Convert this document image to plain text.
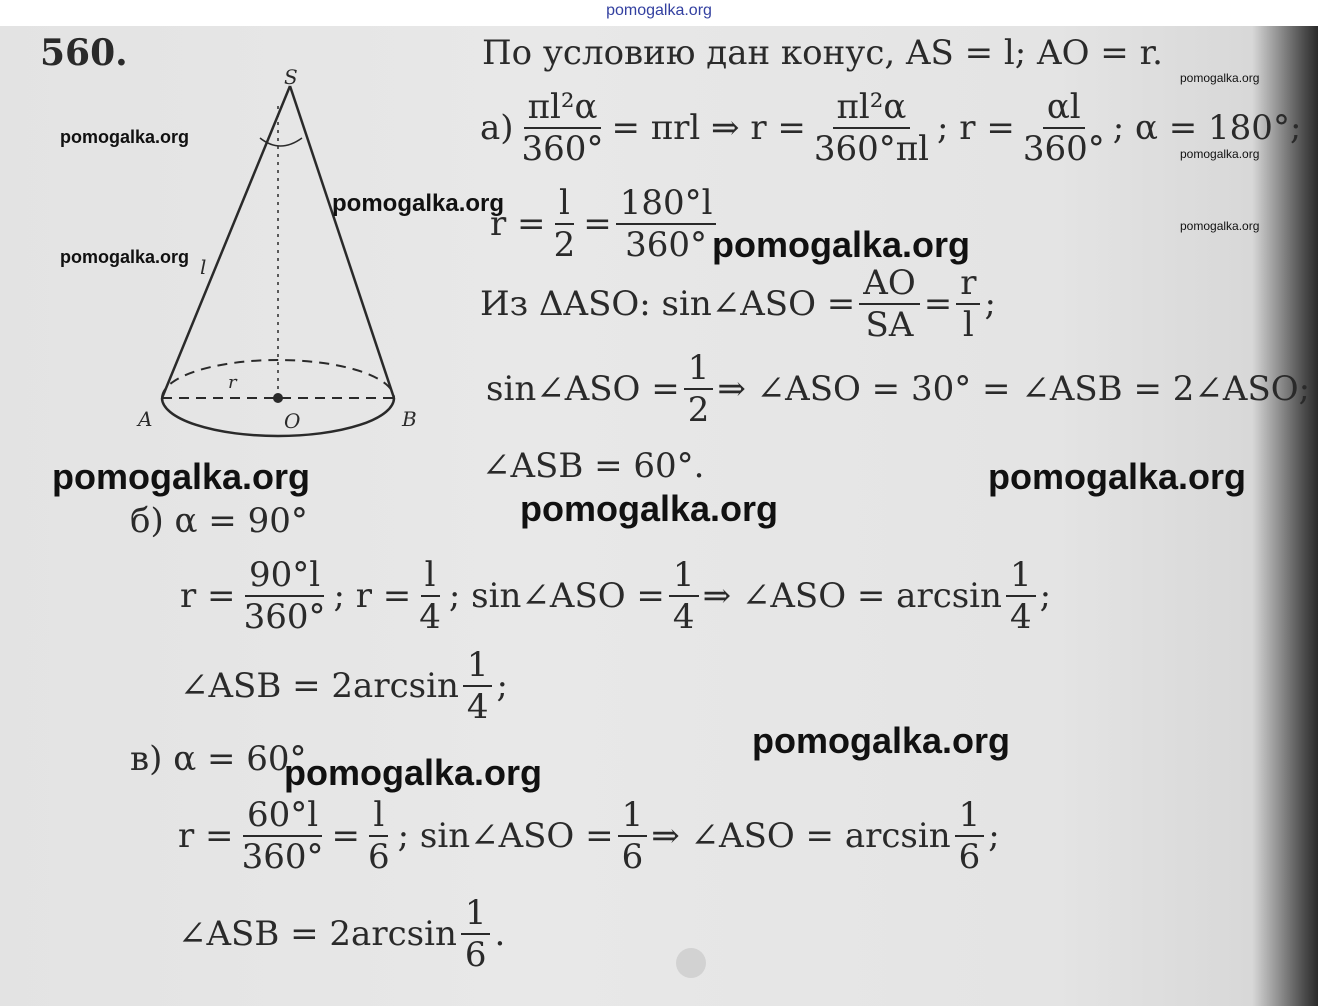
pomogalka.org
560.
S
A	O	B
l
r
По условию дан конус, AS = l; AO = r.
$а) \frac{\text{πl²α}}{360^\circ} = \pi rl$ ⇒ $r = \frac{\text{πl²α}}{360^\circ\pi l}$ ; $r = \frac{\alpha l}{360^\circ}$ ; α = 180°;
$r = \frac{l}{2} = \frac{180^\circ l}{360^\circ}$
Из ΔASO: sin∠ASO = $\frac{AO}{SA} = \frac{r}{l}$ ;
sin∠ASO = $\frac{1}{2}$ ⇒ ∠ASO = 30° = ∠ASB = 2∠ASO;
∠ASB = 60°.
б) α = 90°
$r = \frac{90^\circ l}{360^\circ}$ ; $r = \frac{l}{4}$ ; sin∠ASO = $\frac{1}{4}$ ⇒ ∠ASO = $\arcsin \frac{1}{4}$ ;
∠ASB = $2\arcsin \frac{1}{4}$ ;
в) α = 60°
$r = \frac{60^\circ l}{360^\circ} = \frac{l}{6}$ ; sin∠ASO = $\frac{1}{6}$ ⇒ ∠ASO = $\arcsin \frac{1}{6}$ ;
∠ASB = $2\arcsin \frac{1}{6}$ .
pomogalka.org
pomogalka.org
pomogalka.org
pomogalka.org
pomogalka.org
pomogalka.org
pomogalka.org
pomogalka.org	pomogalka.org
pomogalka.org
pomogalka.org
pomogalka.org
